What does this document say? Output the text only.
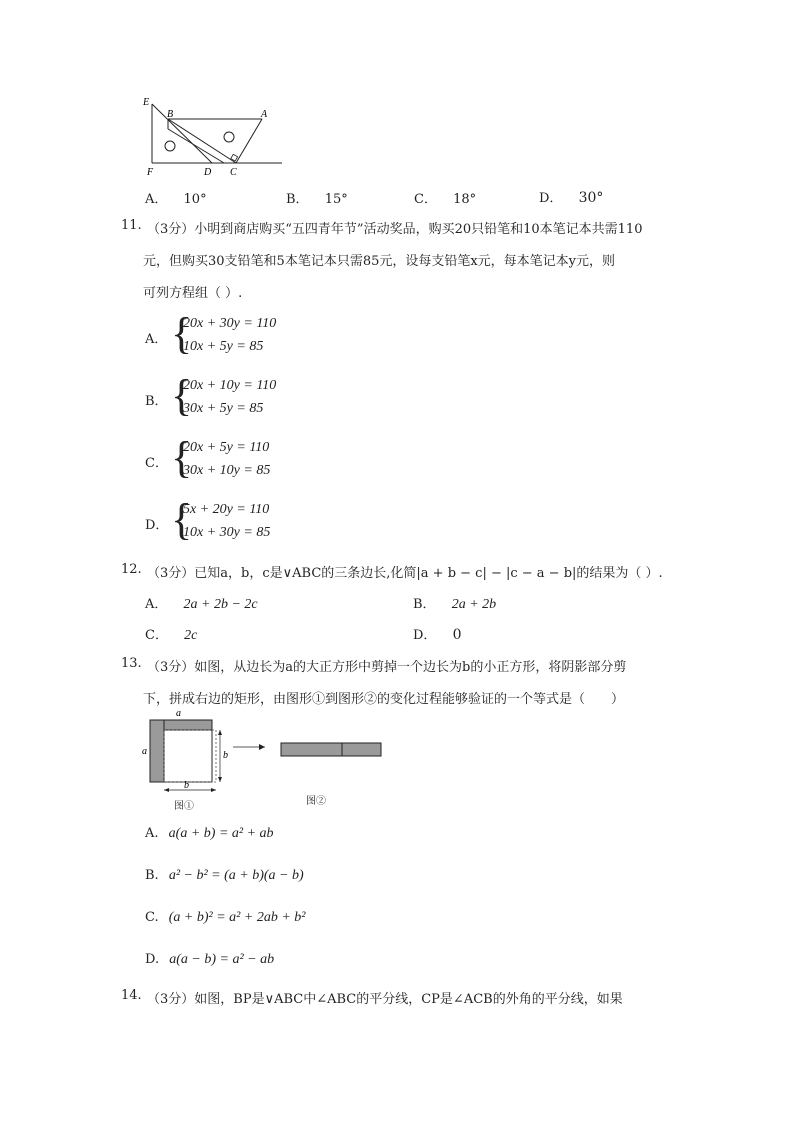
E
B	A
F	D C
A． 10°	B． 15°	C． 18°	D． 30°
11. （3分）小明到商店购买“五四青年节”活动奖品，购买20只铅笔和10本笔记本共需110
元，但购买30支铅笔和5本笔记本只需85元，设每支铅笔x元，每本笔记本y元，则
可列方程组（ ）.
A． {
20x + 30y = 110
10x + 5y = 85
B． {
20x + 10y = 110
30x + 5y = 85
C． {
20x + 5y = 110
30x + 10y = 85
D． {
5x + 20y = 110
10x + 30y = 85
12. （3分）已知a，b，c是∨ABC的三条边长,化简|a + b − c| − |c − a − b|的结果为（ ）.
A． 2a + 2b − 2c	B． 2a + 2b
C． 2c	D． 0
13. （3分）如图，从边长为a的大正方形中剪掉一个边长为b的小正方形，将阴影部分剪
下，拼成右边的矩形，由图形①到图形②的变化过程能够验证的一个等式是（　　）
a
a	b
b
图①	图②
A. a(a + b) = a² + ab
B. a² − b² = (a + b)(a − b)
C. (a + b)² = a² + 2ab + b²
D. a(a − b) = a² − ab
14. （3分）如图，BP是∨ABC中∠ABC的平分线，CP是∠ACB的外角的平分线，如果
